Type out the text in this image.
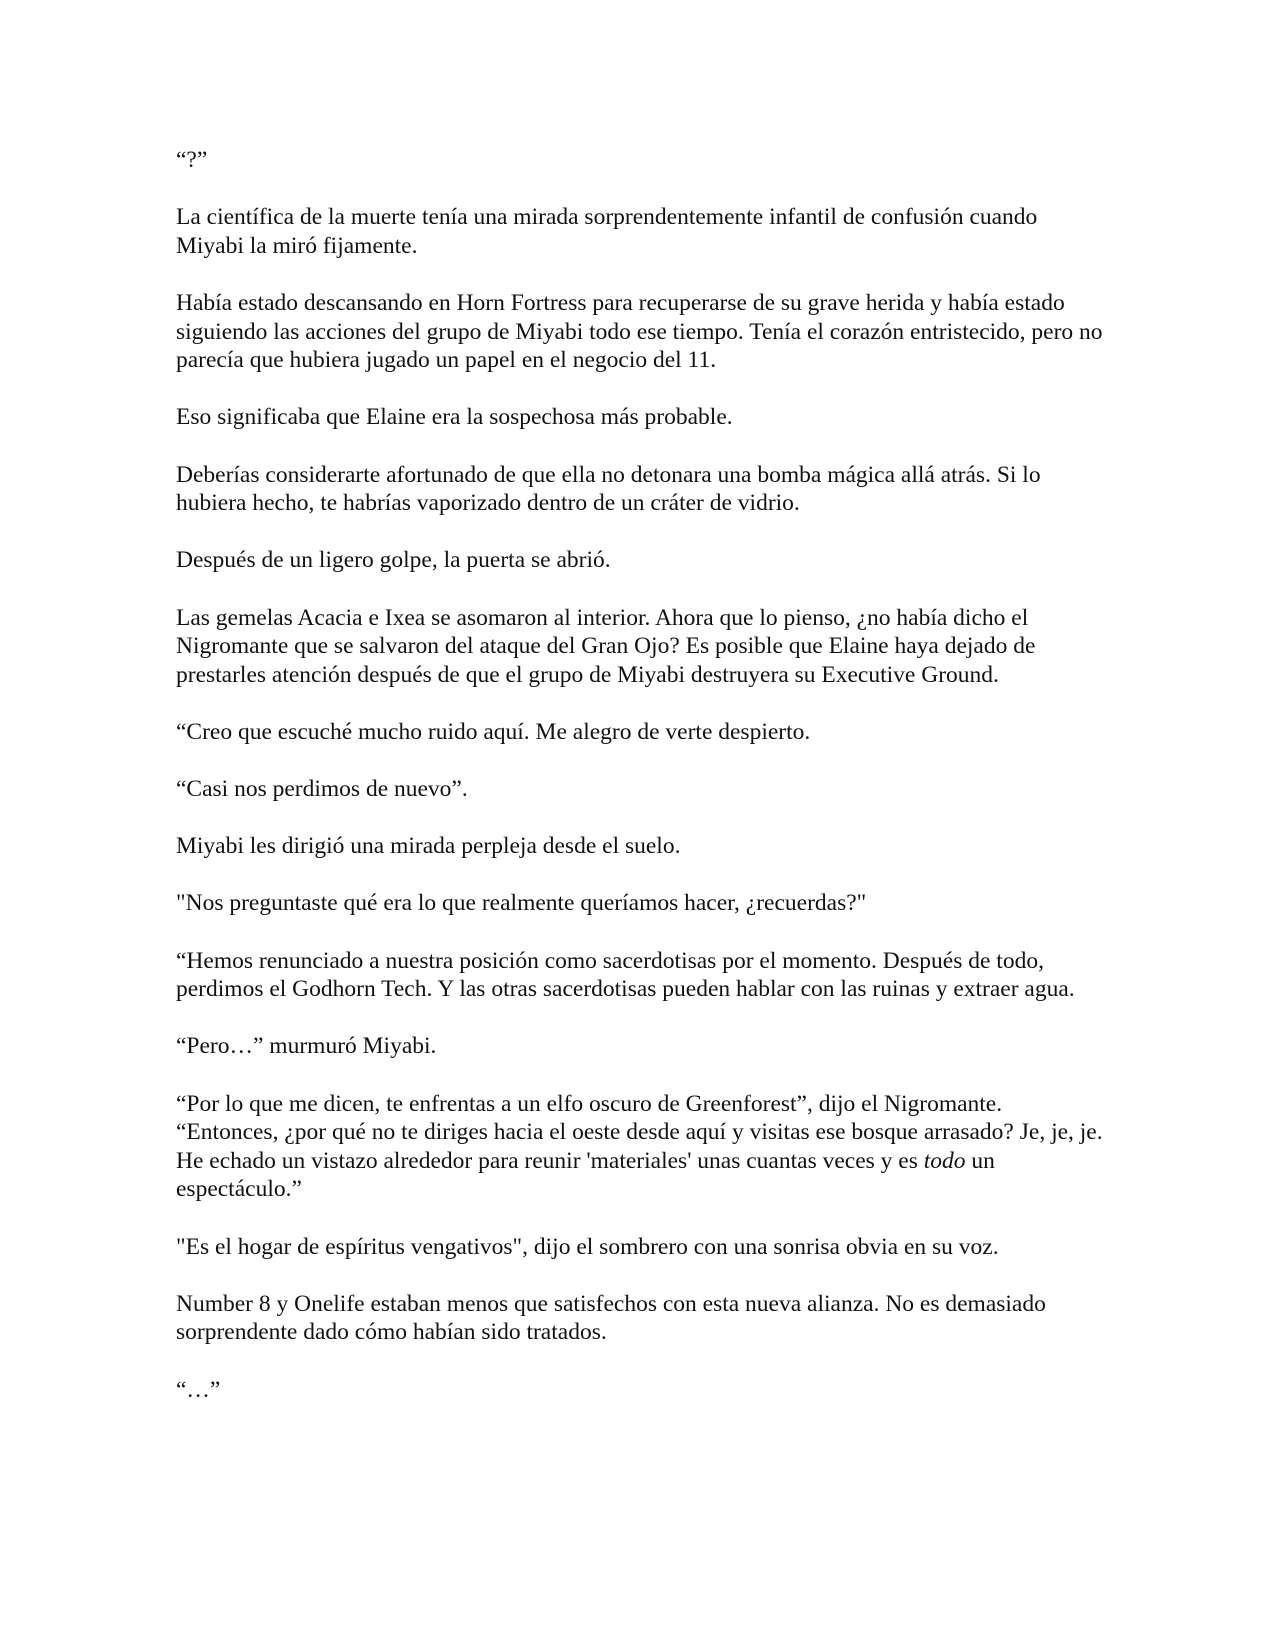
“?”

La científica de la muerte tenía una mirada sorprendentemente infantil de confusión cuando Miyabi la miró fijamente.

Había estado descansando en Horn Fortress para recuperarse de su grave herida y había estado siguiendo las acciones del grupo de Miyabi todo ese tiempo. Tenía el corazón entristecido, pero no parecía que hubiera jugado un papel en el negocio del 11.

Eso significaba que Elaine era la sospechosa más probable.

Deberías considerarte afortunado de que ella no detonara una bomba mágica allá atrás. Si lo hubiera hecho, te habrías vaporizado dentro de un cráter de vidrio.

Después de un ligero golpe, la puerta se abrió.

Las gemelas Acacia e Ixea se asomaron al interior. Ahora que lo pienso, ¿no había dicho el Nigromante que se salvaron del ataque del Gran Ojo? Es posible que Elaine haya dejado de prestarles atención después de que el grupo de Miyabi destruyera su Executive Ground.

“Creo que escuché mucho ruido aquí. Me alegro de verte despierto.

“Casi nos perdimos de nuevo”.

Miyabi les dirigió una mirada perpleja desde el suelo.

"Nos preguntaste qué era lo que realmente queríamos hacer, ¿recuerdas?"

“Hemos renunciado a nuestra posición como sacerdotisas por el momento. Después de todo, perdimos el Godhorn Tech. Y las otras sacerdotisas pueden hablar con las ruinas y extraer agua.

“Pero…” murmuró Miyabi.

“Por lo que me dicen, te enfrentas a un elfo oscuro de Greenforest”, dijo el Nigromante. “Entonces, ¿por qué no te diriges hacia el oeste desde aquí y visitas ese bosque arrasado? Je, je, je. He echado un vistazo alrededor para reunir 'materiales' unas cuantas veces y es todo un espectáculo.”

"Es el hogar de espíritus vengativos", dijo el sombrero con una sonrisa obvia en su voz.

Number 8 y Onelife estaban menos que satisfechos con esta nueva alianza. No es demasiado sorprendente dado cómo habían sido tratados.

“…”
